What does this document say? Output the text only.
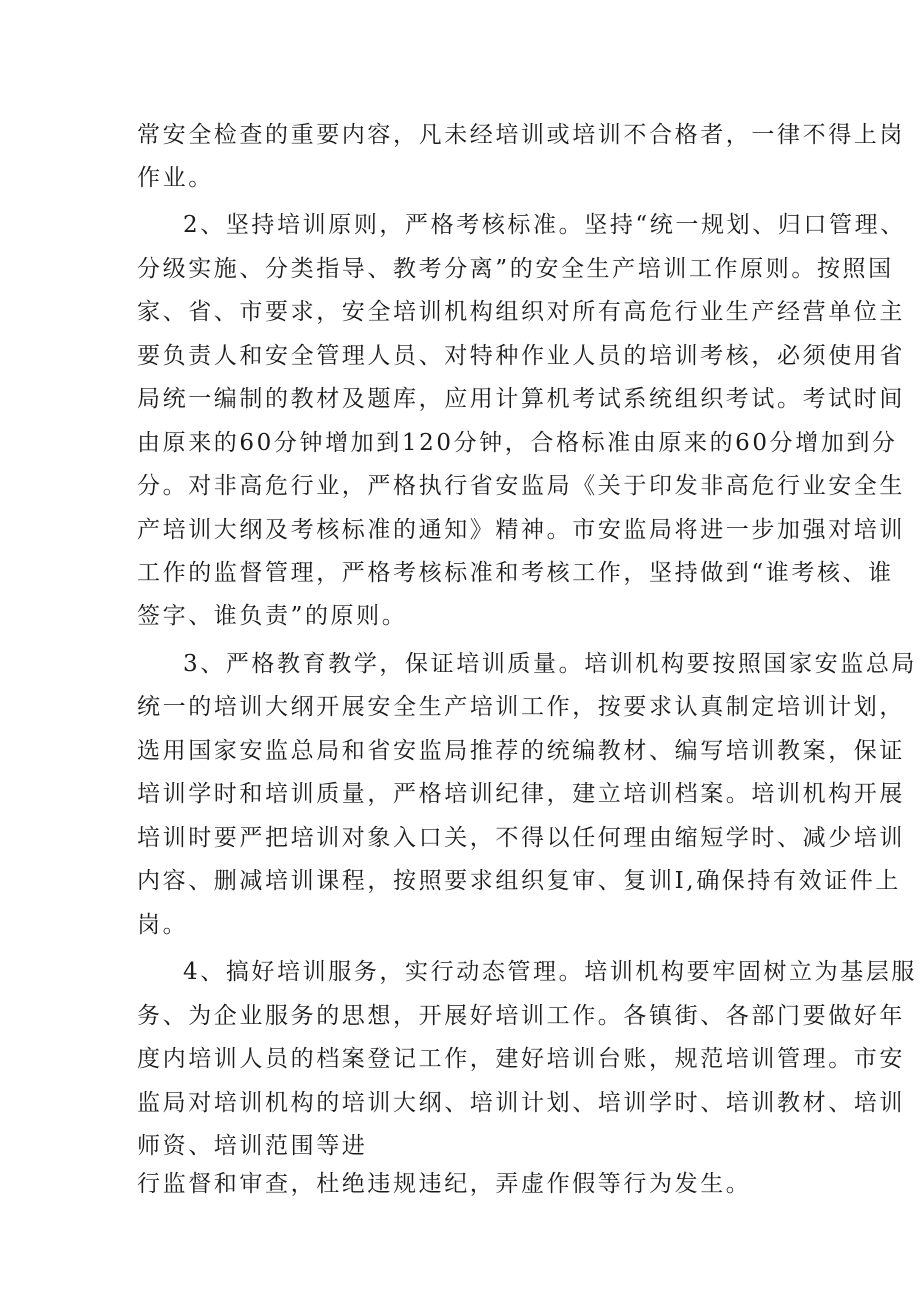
常安全检查的重要内容，凡未经培训或培训不合格者，一律不得上岗
作业。
2、坚持培训原则，严格考核标准。坚持“统一规划、归口管理、
分级实施、分类指导、教考分离”的安全生产培训工作原则。按照国
家、省、市要求，安全培训机构组织对所有高危行业生产经营单位主
要负责人和安全管理人员、对特种作业人员的培训考核，必须使用省
局统一编制的教材及题库，应用计算机考试系统组织考试。考试时间
由原来的60分钟增加到120分钟，合格标准由原来的60分增加到分
分。对非高危行业，严格执行省安监局《关于印发非高危行业安全生
产培训大纲及考核标准的通知》精神。市安监局将进一步加强对培训
工作的监督管理，严格考核标准和考核工作，坚持做到“谁考核、谁
签字、谁负责”的原则。
3、严格教育教学，保证培训质量。培训机构要按照国家安监总局
统一的培训大纲开展安全生产培训工作，按要求认真制定培训计划，
选用国家安监总局和省安监局推荐的统编教材、编写培训教案，保证
培训学时和培训质量，严格培训纪律，建立培训档案。培训机构开展
培训时要严把培训对象入口关，不得以任何理由缩短学时、减少培训
内容、删减培训课程，按照要求组织复审、复训I,确保持有效证件上
岗。
4、搞好培训服务，实行动态管理。培训机构要牢固树立为基层服
务、为企业服务的思想，开展好培训工作。各镇街、各部门要做好年
度内培训人员的档案登记工作，建好培训台账，规范培训管理。市安
监局对培训机构的培训大纲、培训计划、培训学时、培训教材、培训
师资、培训范围等进
行监督和审查，杜绝违规违纪，弄虚作假等行为发生。
